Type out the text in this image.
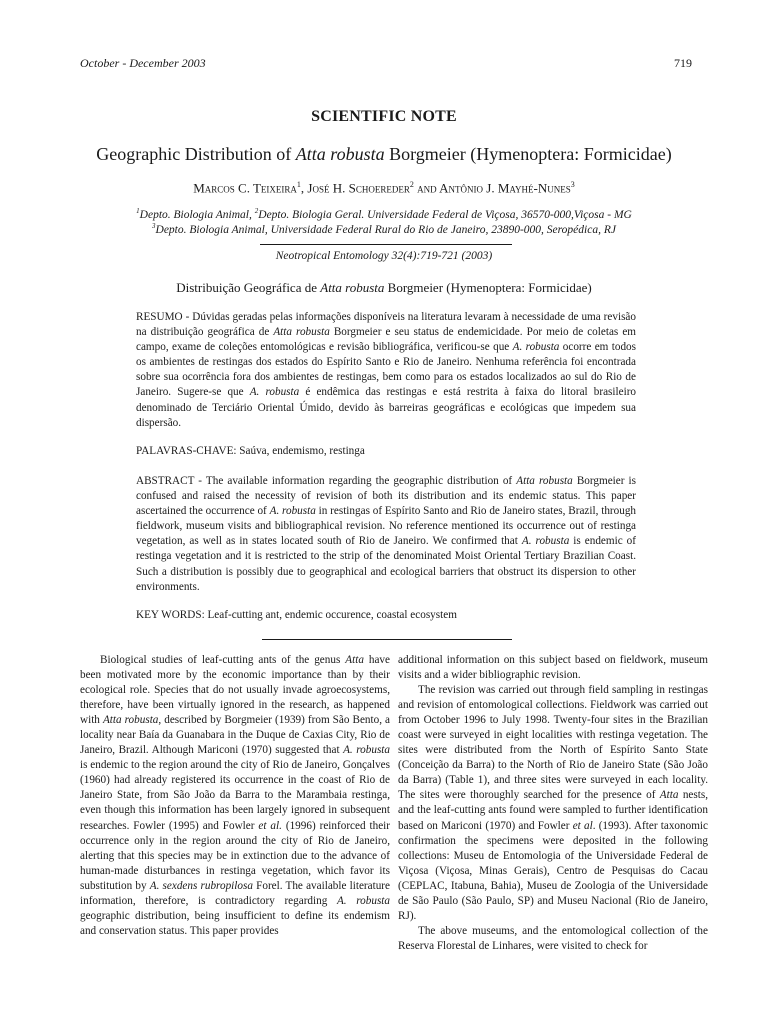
October - December 2003	719
SCIENTIFIC NOTE
Geographic Distribution of Atta robusta Borgmeier (Hymenoptera: Formicidae)
Marcos C. Teixeira$^1$, José H. Schoereder$^2$ and Antônio J. Mayhé-Nunes$^3$
$^1$Depto. Biologia Animal, $^2$Depto. Biologia Geral. Universidade Federal de Viçosa, 36570-000,Viçosa - MG
$^3$Depto. Biologia Animal, Universidade Federal Rural do Rio de Janeiro, 23890-000, Seropédica, RJ
Neotropical Entomology 32(4):719-721 (2003)
Distribuição Geográfica de Atta robusta Borgmeier (Hymenoptera: Formicidae)
RESUMO - Dúvidas geradas pelas informações disponíveis na literatura levaram à necessidade de uma revisão na distribuição geográfica de Atta robusta Borgmeier e seu status de endemicidade. Por meio de coletas em campo, exame de coleções entomológicas e revisão bibliográfica, verificou-se que A. robusta ocorre em todos os ambientes de restingas dos estados do Espírito Santo e Rio de Janeiro. Nenhuma referência foi encontrada sobre sua ocorrência fora dos ambientes de restingas, bem como para os estados localizados ao sul do Rio de Janeiro. Sugere-se que A. robusta é endêmica das restingas e está restrita à faixa do litoral brasileiro denominado de Terciário Oriental Úmido, devido às barreiras geográficas e ecológicas que impedem sua dispersão.
PALAVRAS-CHAVE: Saúva, endemismo, restinga
ABSTRACT - The available information regarding the geographic distribution of Atta robusta Borgmeier is confused and raised the necessity of revision of both its distribution and its endemic status. This paper ascertained the occurrence of A. robusta in restingas of Espírito Santo and Rio de Janeiro states, Brazil, through fieldwork, museum visits and bibliographical revision. No reference mentioned its occurrence out of restinga vegetation, as well as in states located south of Rio de Janeiro. We confirmed that A. robusta is endemic of restinga vegetation and it is restricted to the strip of the denominated Moist Oriental Tertiary Brazilian Coast. Such a distribution is possibly due to geographical and ecological barriers that obstruct its dispersion to other environments.
KEY WORDS: Leaf-cutting ant, endemic occurence, coastal ecosystem

Biological studies of leaf-cutting ants of the genus Atta have been motivated more by the economic importance than by their ecological role. Species that do not usually invade agroecosystems, therefore, have been virtually ignored in the research, as happened with Atta robusta, described by Borgmeier (1939) from São Bento, a locality near Baía da Guanabara in the Duque de Caxias City, Rio de Janeiro, Brazil. Although Mariconi (1970) suggested that A. robusta is endemic to the region around the city of Rio de Janeiro, Gonçalves (1960) had already registered its occurrence in the coast of Rio de Janeiro State, from São João da Barra to the Marambaia restinga, even though this information has been largely ignored in subsequent researches. Fowler (1995) and Fowler et al. (1996) reinforced their occurrence only in the region around the city of Rio de Janeiro, alerting that this species may be in extinction due to the advance of human-made disturbances in restinga vegetation, which favor its substitution by A. sexdens rubropilosa Forel. The available literature information, therefore, is contradictory regarding A. robusta geographic distribution, being insufficient to define its endemism and conservation status. This paper provides

additional information on this subject based on fieldwork, museum visits and a wider bibliographic revision.

The revision was carried out through field sampling in restingas and revision of entomological collections. Fieldwork was carried out from October 1996 to July 1998. Twenty-four sites in the Brazilian coast were surveyed in eight localities with restinga vegetation. The sites were distributed from the North of Espírito Santo State (Conceição da Barra) to the North of Rio de Janeiro State (São João da Barra) (Table 1), and three sites were surveyed in each locality. The sites were thoroughly searched for the presence of Atta nests, and the leaf-cutting ants found were sampled to further identification based on Mariconi (1970) and Fowler et al. (1993). After taxonomic confirmation the specimens were deposited in the following collections: Museu de Entomologia of the Universidade Federal de Viçosa (Viçosa, Minas Gerais), Centro de Pesquisas do Cacau (CEPLAC, Itabuna, Bahia), Museu de Zoologia of the Universidade de São Paulo (São Paulo, SP) and Museu Nacional (Rio de Janeiro, RJ).

The above museums, and the entomological collection of the Reserva Florestal de Linhares, were visited to check for
